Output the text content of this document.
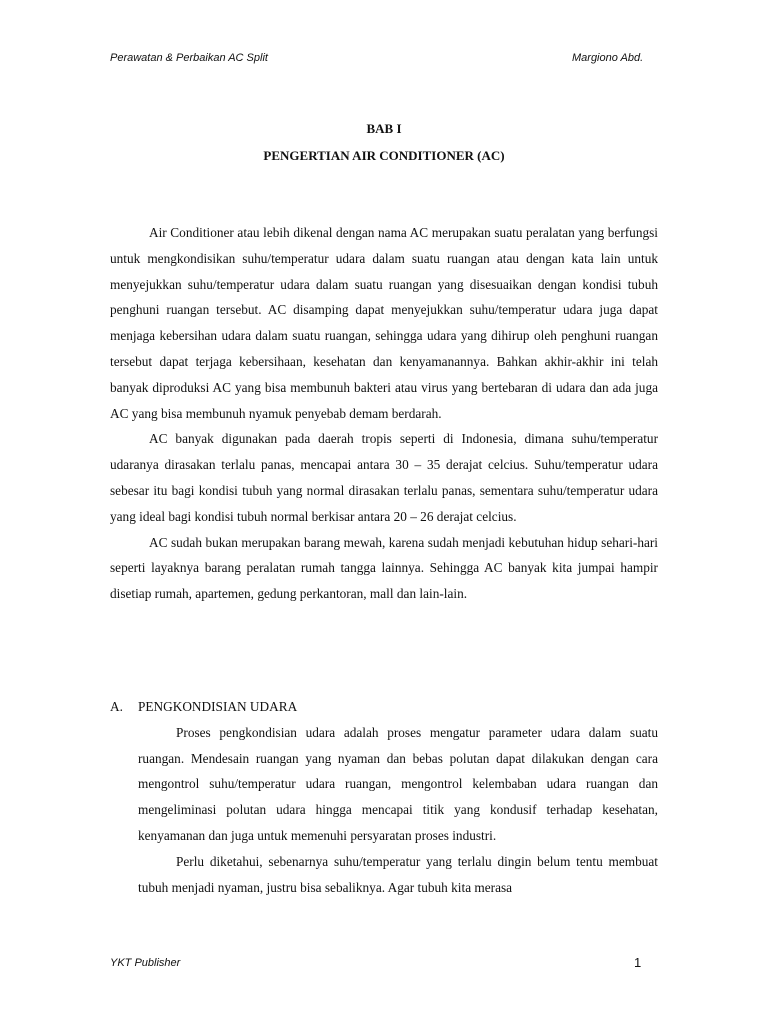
Perawatan & Perbaikan AC Split	Margiono Abd.
BAB I
PENGERTIAN AIR CONDITIONER (AC)

Air Conditioner atau lebih dikenal dengan nama AC merupakan suatu peralatan yang berfungsi untuk mengkondisikan suhu/temperatur udara dalam suatu ruangan atau dengan kata lain untuk menyejukkan suhu/temperatur udara dalam suatu ruangan yang disesuaikan dengan kondisi tubuh penghuni ruangan tersebut. AC disamping dapat menyejukkan suhu/temperatur udara juga dapat menjaga kebersihan udara dalam suatu ruangan, sehingga udara yang dihirup oleh penghuni ruangan tersebut dapat terjaga kebersihaan, kesehatan dan kenyamanannya. Bahkan akhir-akhir ini telah banyak diproduksi AC yang bisa membunuh bakteri atau virus yang bertebaran di udara dan ada juga AC yang bisa membunuh nyamuk penyebab demam berdarah.

AC banyak digunakan pada daerah tropis seperti di Indonesia, dimana suhu/temperatur udaranya dirasakan terlalu panas, mencapai antara 30 – 35 derajat celcius. Suhu/temperatur udara sebesar itu bagi kondisi tubuh yang normal dirasakan terlalu panas, sementara suhu/temperatur udara yang ideal bagi kondisi tubuh normal berkisar antara 20 – 26 derajat celcius.

AC sudah bukan merupakan barang mewah, karena sudah menjadi kebutuhan hidup sehari-hari seperti layaknya barang peralatan rumah tangga lainnya. Sehingga AC banyak kita jumpai hampir disetiap rumah, apartemen, gedung perkantoran, mall dan lain-lain.

A.	PENGKONDISIAN UDARA

Proses pengkondisian udara adalah proses mengatur parameter udara dalam suatu ruangan. Mendesain ruangan yang nyaman dan bebas polutan dapat dilakukan dengan cara mengontrol suhu/temperatur udara ruangan, mengontrol kelembaban udara ruangan dan mengeliminasi polutan udara hingga mencapai titik yang kondusif terhadap kesehatan, kenyamanan dan juga untuk memenuhi persyaratan proses industri.

Perlu diketahui, sebenarnya suhu/temperatur yang terlalu dingin belum tentu membuat tubuh menjadi nyaman, justru bisa sebaliknya. Agar tubuh kita merasa

YKT Publisher	1
